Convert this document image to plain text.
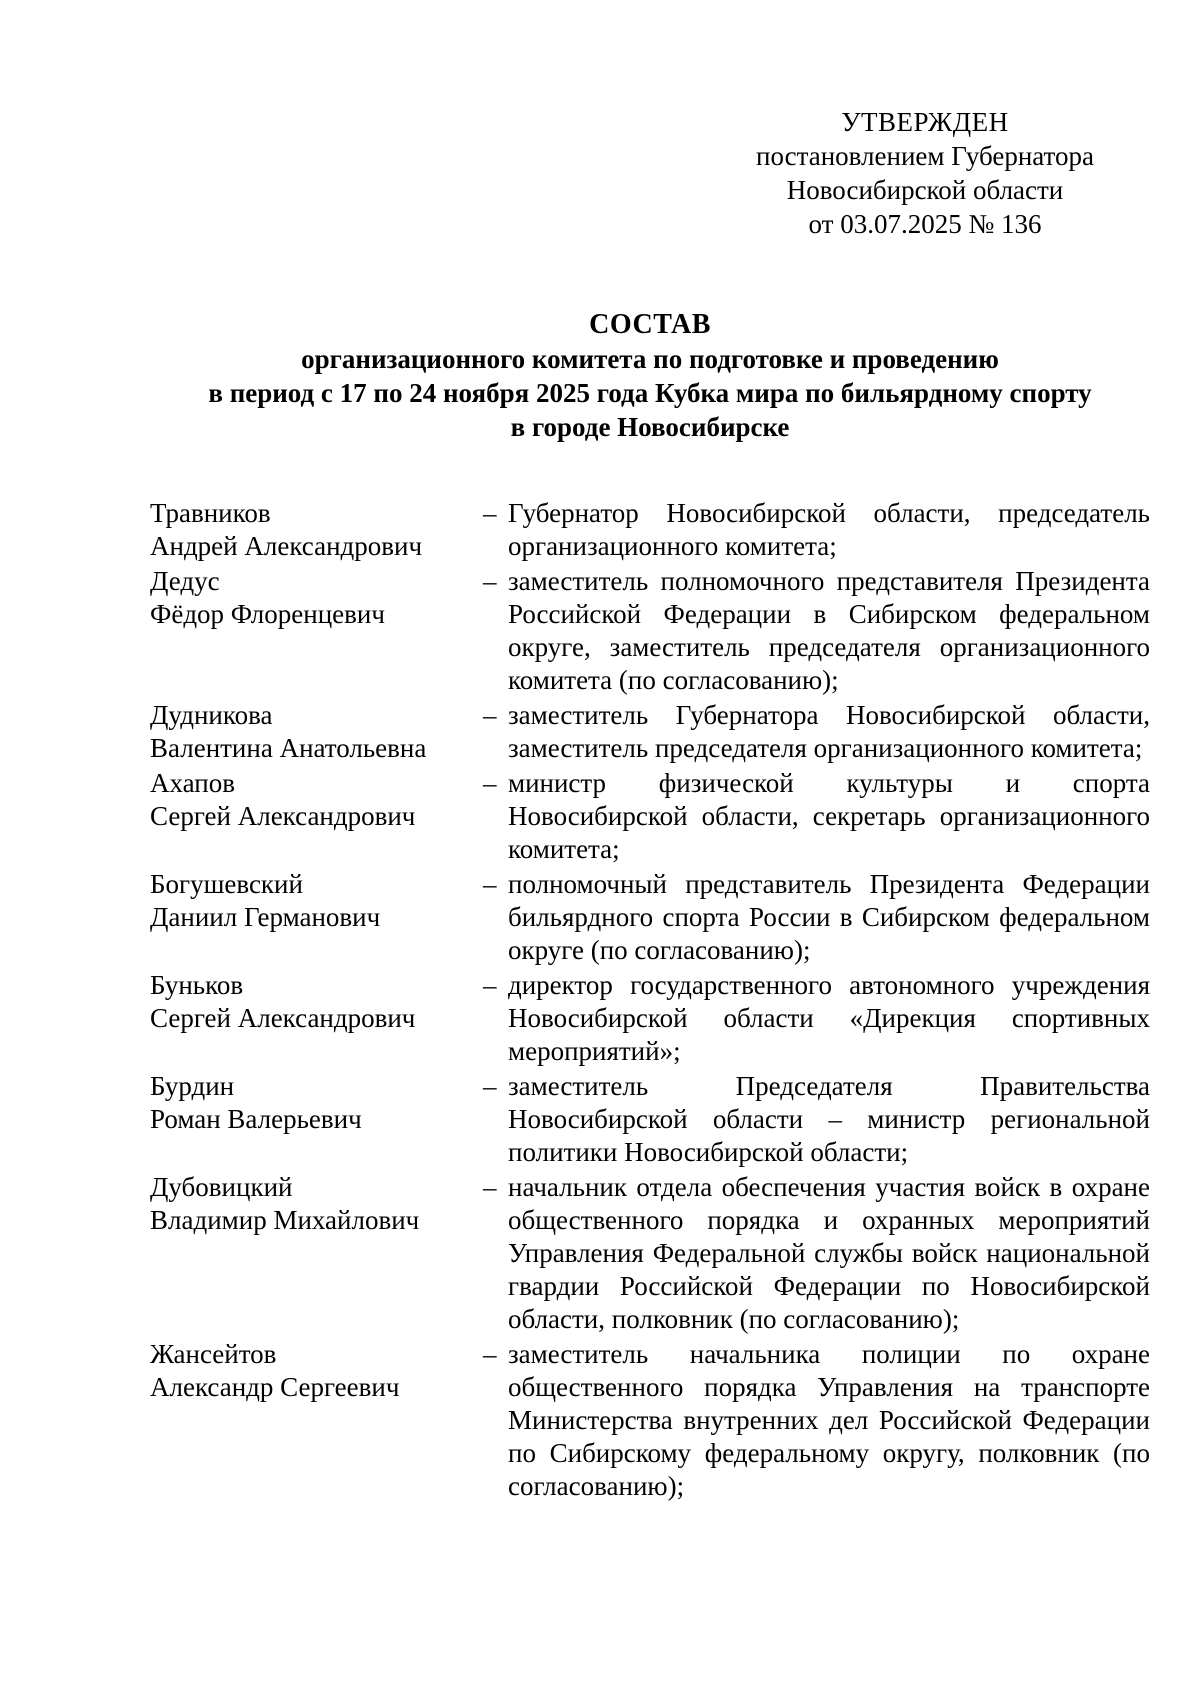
УТВЕРЖДЕН
постановлением Губернатора
Новосибирской области
от 03.07.2025 № 136
СОСТАВ
организационного комитета по подготовке и проведению
в период с 17 по 24 ноября 2025 года Кубка мира по бильярдному спорту
в городе Новосибирске
Травников
Андрей Александрович
– Губернатор Новосибирской области, председатель организационного комитета;
Дедус
Фёдор Флоренцевич
– заместитель полномочного представителя Президента Российской Федерации в Сибирском федеральном округе, заместитель председателя организационного комитета (по согласованию);
Дудникова
Валентина Анатольевна
– заместитель Губернатора Новосибирской области, заместитель председателя организационного комитета;
Ахапов
Сергей Александрович
– министр физической культуры и спорта Новосибирской области, секретарь организационного комитета;
Богушевский
Даниил Германович
– полномочный представитель Президента Федерации бильярдного спорта России в Сибирском федеральном округе (по согласованию);
Буньков
Сергей Александрович
– директор государственного автономного учреждения Новосибирской области «Дирекция спортивных мероприятий»;
Бурдин
Роман Валерьевич
– заместитель Председателя Правительства Новосибирской области – министр региональной политики Новосибирской области;
Дубовицкий
Владимир Михайлович
– начальник отдела обеспечения участия войск в охране общественного порядка и охранных мероприятий Управления Федеральной службы войск национальной гвардии Российской Федерации по Новосибирской области, полковник (по согласованию);
Жансейтов
Александр Сергеевич
– заместитель начальника полиции по охране общественного порядка Управления на транспорте Министерства внутренних дел Российской Федерации по Сибирскому федеральному округу, полковник (по согласованию);
